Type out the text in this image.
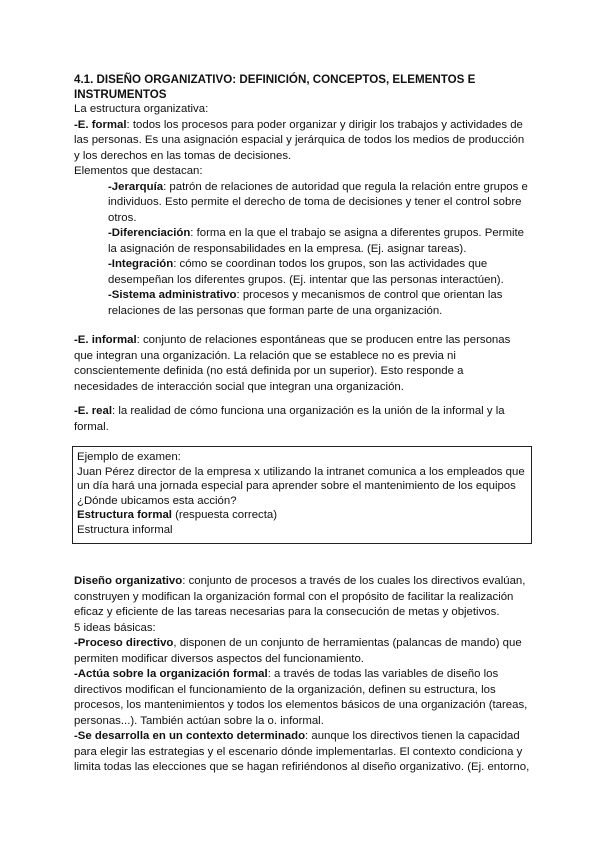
4.1. DISEÑO ORGANIZATIVO: DEFINICIÓN, CONCEPTOS, ELEMENTOS E INSTRUMENTOS

La estructura organizativa:

-E. formal: todos los procesos para poder organizar y dirigir los trabajos y actividades de las personas. Es una asignación espacial y jerárquica de todos los medios de producción y los derechos en las tomas de decisiones.

Elementos que destacan:

-Jerarquía: patrón de relaciones de autoridad que regula la relación entre grupos e individuos. Esto permite el derecho de toma de decisiones y tener el control sobre otros.

-Diferenciación: forma en la que el trabajo se asigna a diferentes grupos. Permite la asignación de responsabilidades en la empresa. (Ej. asignar tareas).

-Integración: cómo se coordinan todos los grupos, son las actividades que desempeñan los diferentes grupos. (Ej. intentar que las personas interactúen).

-Sistema administrativo: procesos y mecanismos de control que orientan las relaciones de las personas que forman parte de una organización.

-E. informal: conjunto de relaciones espontáneas que se producen entre las personas que integran una organización. La relación que se establece no es previa ni conscientemente definida (no está definida por un superior). Esto responde a necesidades de interacción social que integran una organización.

-E. real: la realidad de cómo funciona una organización es la unión de la informal y la formal.

Ejemplo de examen:

Juan Pérez director de la empresa x utilizando la intranet comunica a los empleados que un día hará una jornada especial para aprender sobre el mantenimiento de los equipos ¿Dónde ubicamos esta acción?

Estructura formal (respuesta correcta)

Estructura informal

Diseño organizativo: conjunto de procesos a través de los cuales los directivos evalúan, construyen y modifican la organización formal con el propósito de facilitar la realización eficaz y eficiente de las tareas necesarias para la consecución de metas y objetivos.

5 ideas básicas:

-Proceso directivo, disponen de un conjunto de herramientas (palancas de mando) que permiten modificar diversos aspectos del funcionamiento.

-Actúa sobre la organización formal: a través de todas las variables de diseño los directivos modifican el funcionamiento de la organización, definen su estructura, los procesos, los mantenimientos y todos los elementos básicos de una organización (tareas, personas...). También actúan sobre la o. informal.

-Se desarrolla en un contexto determinado: aunque los directivos tienen la capacidad para elegir las estrategias y el escenario dónde implementarlas. El contexto condiciona y limita todas las elecciones que se hagan refiriéndonos al diseño organizativo. (Ej. entorno,
